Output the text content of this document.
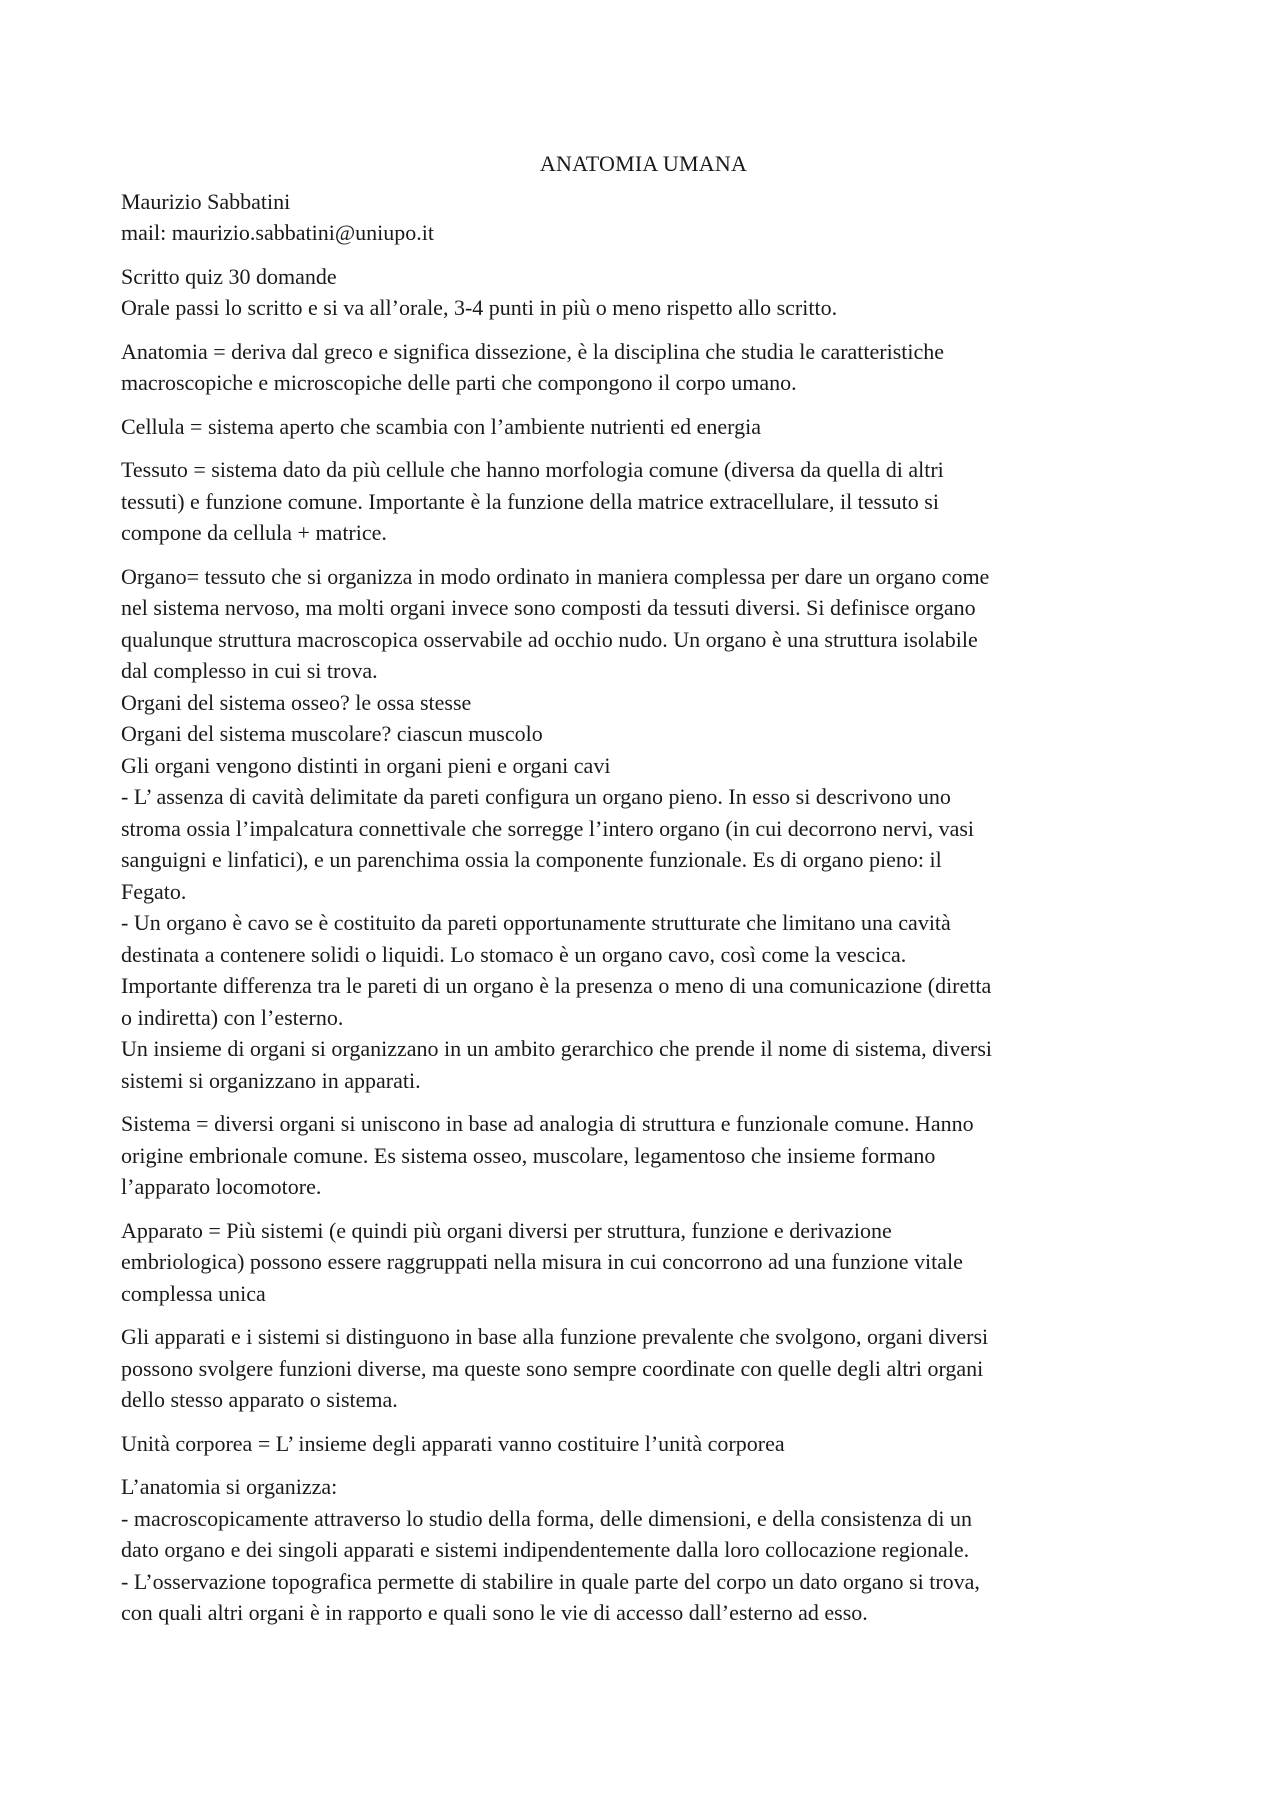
ANATOMIA UMANA
Maurizio Sabbatini
mail: maurizio.sabbatini@uniupo.it
Scritto quiz 30 domande
Orale passi lo scritto e si va all’orale, 3-4 punti in più o meno rispetto allo scritto.
Anatomia = deriva dal greco e significa dissezione, è la disciplina che studia le caratteristiche
macroscopiche e microscopiche delle parti che compongono il corpo umano.
Cellula = sistema aperto che scambia con l’ambiente nutrienti ed energia
Tessuto = sistema dato da più cellule che hanno morfologia comune (diversa da quella di altri
tessuti) e funzione comune. Importante è la funzione della matrice extracellulare, il tessuto si
compone da cellula + matrice.
Organo= tessuto che si organizza in modo ordinato in maniera complessa per dare un organo come
nel sistema nervoso, ma molti organi invece sono composti da tessuti diversi. Si definisce organo
qualunque struttura macroscopica osservabile ad occhio nudo. Un organo è una struttura isolabile
dal complesso in cui si trova.
Organi del sistema osseo? le ossa stesse
Organi del sistema muscolare? ciascun muscolo
Gli organi vengono distinti in organi pieni e organi cavi
- L’ assenza di cavità delimitate da pareti configura un organo pieno. In esso si descrivono uno
stroma ossia l’impalcatura connettivale che sorregge l’intero organo (in cui decorrono nervi, vasi
sanguigni e linfatici), e un parenchima ossia la componente funzionale. Es di organo pieno: il
Fegato.
- Un organo è cavo se è costituito da pareti opportunamente strutturate che limitano una cavità
destinata a contenere solidi o liquidi. Lo stomaco è un organo cavo, così come la vescica.
Importante differenza tra le pareti di un organo è la presenza o meno di una comunicazione (diretta
o indiretta) con l’esterno.
Un insieme di organi si organizzano in un ambito gerarchico che prende il nome di sistema, diversi
sistemi si organizzano in apparati.
Sistema = diversi organi si uniscono in base ad analogia di struttura e funzionale comune. Hanno
origine embrionale comune. Es sistema osseo, muscolare, legamentoso che insieme formano
l’apparato locomotore.
Apparato = Più sistemi (e quindi più organi diversi per struttura, funzione e derivazione
embriologica) possono essere raggruppati nella misura in cui concorrono ad una funzione vitale
complessa unica
Gli apparati e i sistemi si distinguono in base alla funzione prevalente che svolgono, organi diversi
possono svolgere funzioni diverse, ma queste sono sempre coordinate con quelle degli altri organi
dello stesso apparato o sistema.
Unità corporea = L’ insieme degli apparati vanno costituire l’unità corporea
L’anatomia si organizza:
- macroscopicamente attraverso lo studio della forma, delle dimensioni, e della consistenza di un
dato organo e dei singoli apparati e sistemi indipendentemente dalla loro collocazione regionale.
- L’osservazione topografica permette di stabilire in quale parte del corpo un dato organo si trova,
con quali altri organi è in rapporto e quali sono le vie di accesso dall’esterno ad esso.
